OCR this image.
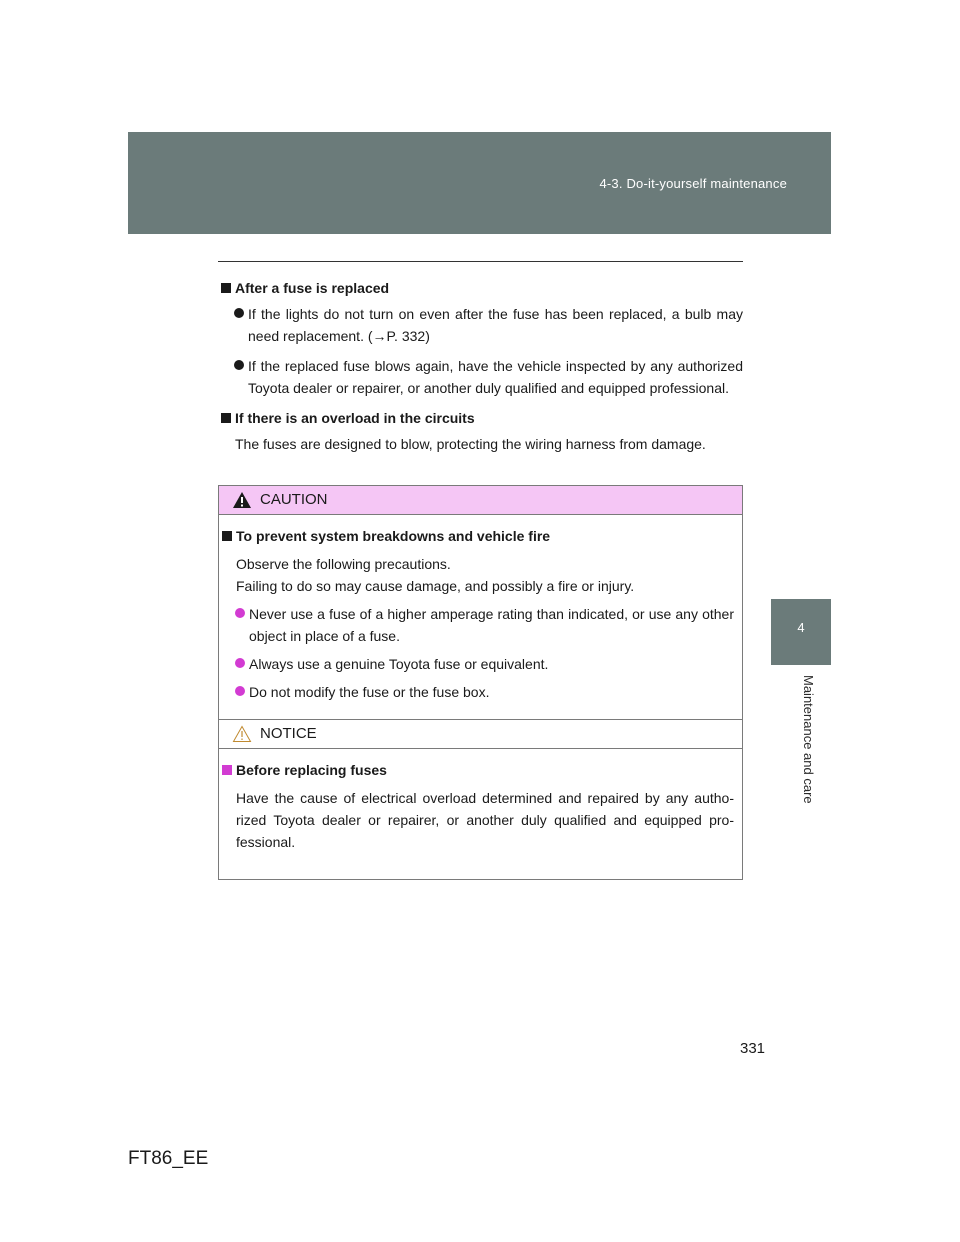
4-3. Do-it-yourself maintenance
4
Maintenance and care
After a fuse is replaced
If the lights do not turn on even after the fuse has been replaced, a bulb may need replacement. (→P. 332)
If the replaced fuse blows again, have the vehicle inspected by any authorized Toyota dealer or repairer, or another duly qualified and equipped professional.
If there is an overload in the circuits
The fuses are designed to blow, protecting the wiring harness from damage.
CAUTION
To prevent system breakdowns and vehicle fire
Observe the following precautions.
Failing to do so may cause damage, and possibly a fire or injury.
Never use a fuse of a higher amperage rating than indicated, or use any other object in place of a fuse.
Always use a genuine Toyota fuse or equivalent.
Do not modify the fuse or the fuse box.
NOTICE
Before replacing fuses
Have the cause of electrical overload determined and repaired by any autho-rized Toyota dealer or repairer, or another duly qualified and equipped pro-fessional.
331
FT86_EE
